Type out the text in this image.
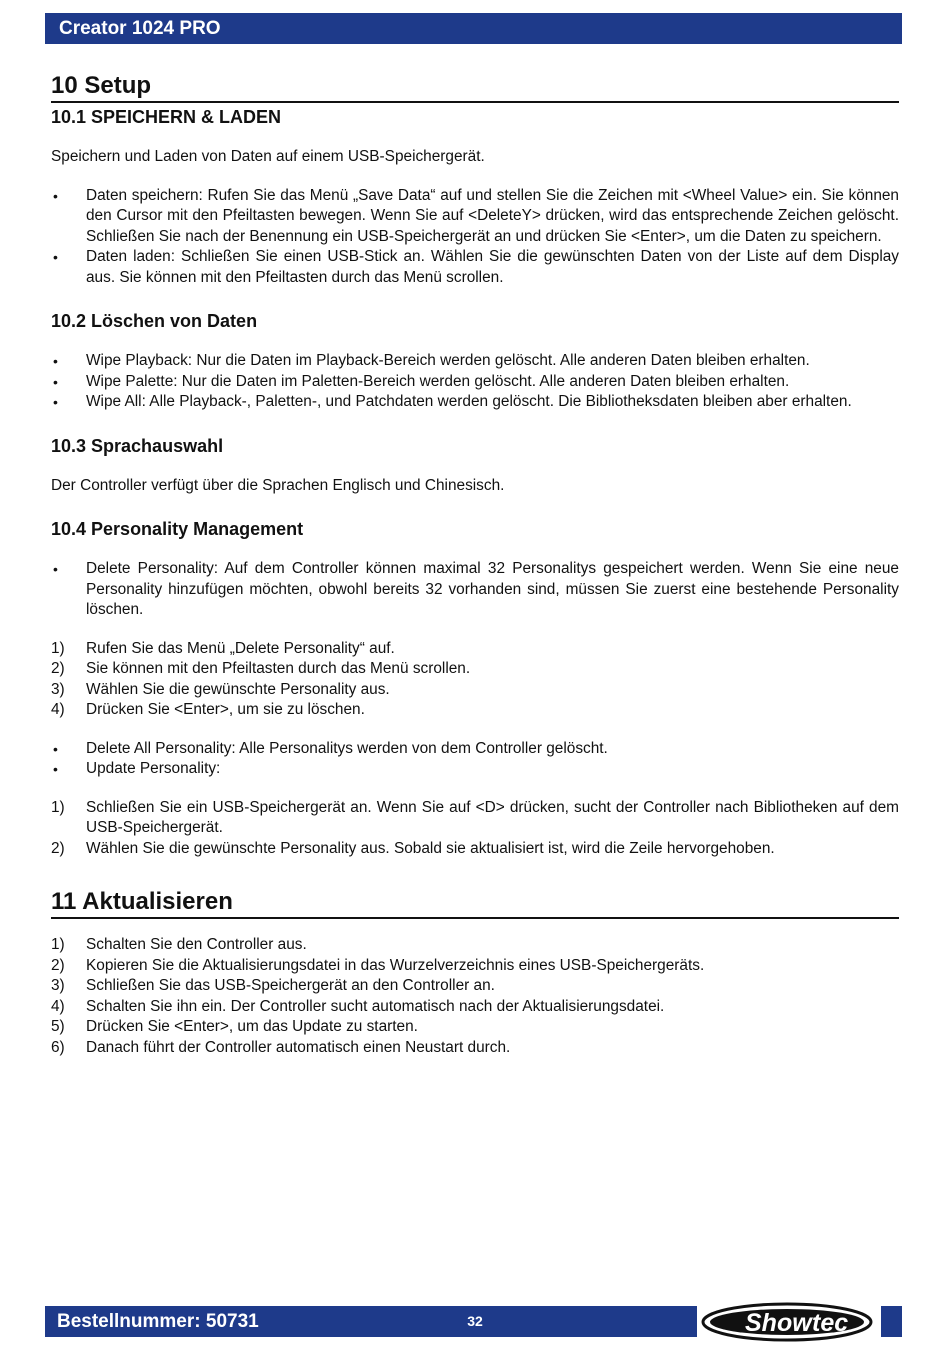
Creator 1024 PRO
10 Setup
10.1 SPEICHERN & LADEN

Speichern und Laden von Daten auf einem USB-Speichergerät.

• Daten speichern: Rufen Sie das Menü „Save Data“ auf und stellen Sie die Zeichen mit <Wheel Value> ein. Sie können den Cursor mit den Pfeiltasten bewegen. Wenn Sie auf <DeleteY> drücken, wird das entsprechende Zeichen gelöscht. Schließen Sie nach der Benennung ein USB-Speichergerät an und drücken Sie <Enter>, um die Daten zu speichern.
• Daten laden: Schließen Sie einen USB-Stick an. Wählen Sie die gewünschten Daten von der Liste auf dem Display aus. Sie können mit den Pfeiltasten durch das Menü scrollen.
10.2 Löschen von Daten
• Wipe Playback: Nur die Daten im Playback-Bereich werden gelöscht. Alle anderen Daten bleiben erhalten.
• Wipe Palette: Nur die Daten im Paletten-Bereich werden gelöscht. Alle anderen Daten bleiben erhalten.
• Wipe All: Alle Playback-, Paletten-, und Patchdaten werden gelöscht. Die Bibliotheksdaten bleiben aber erhalten.
10.3 Sprachauswahl

Der Controller verfügt über die Sprachen Englisch und Chinesisch.

10.4 Personality Management
• Delete Personality: Auf dem Controller können maximal 32 Personalitys gespeichert werden. Wenn Sie eine neue Personality hinzufügen möchten, obwohl bereits 32 vorhanden sind, müssen Sie zuerst eine bestehende Personality löschen.
1) Rufen Sie das Menü „Delete Personality“ auf.
2) Sie können mit den Pfeiltasten durch das Menü scrollen.
3) Wählen Sie die gewünschte Personality aus.
4) Drücken Sie <Enter>, um sie zu löschen.
• Delete All Personality: Alle Personalitys werden von dem Controller gelöscht.
• Update Personality:
1) Schließen Sie ein USB-Speichergerät an. Wenn Sie auf <D> drücken, sucht der Controller nach Bibliotheken auf dem USB-Speichergerät.
2) Wählen Sie die gewünschte Personality aus. Sobald sie aktualisiert ist, wird die Zeile hervorgehoben.
11 Aktualisieren
1) Schalten Sie den Controller aus.
2) Kopieren Sie die Aktualisierungsdatei in das Wurzelverzeichnis eines USB-Speichergeräts.
3) Schließen Sie das USB-Speichergerät an den Controller an.
4) Schalten Sie ihn ein. Der Controller sucht automatisch nach der Aktualisierungsdatei.
5) Drücken Sie <Enter>, um das Update zu starten.
6) Danach führt der Controller automatisch einen Neustart durch.
Bestellnummer: 50731	32	Show tec
